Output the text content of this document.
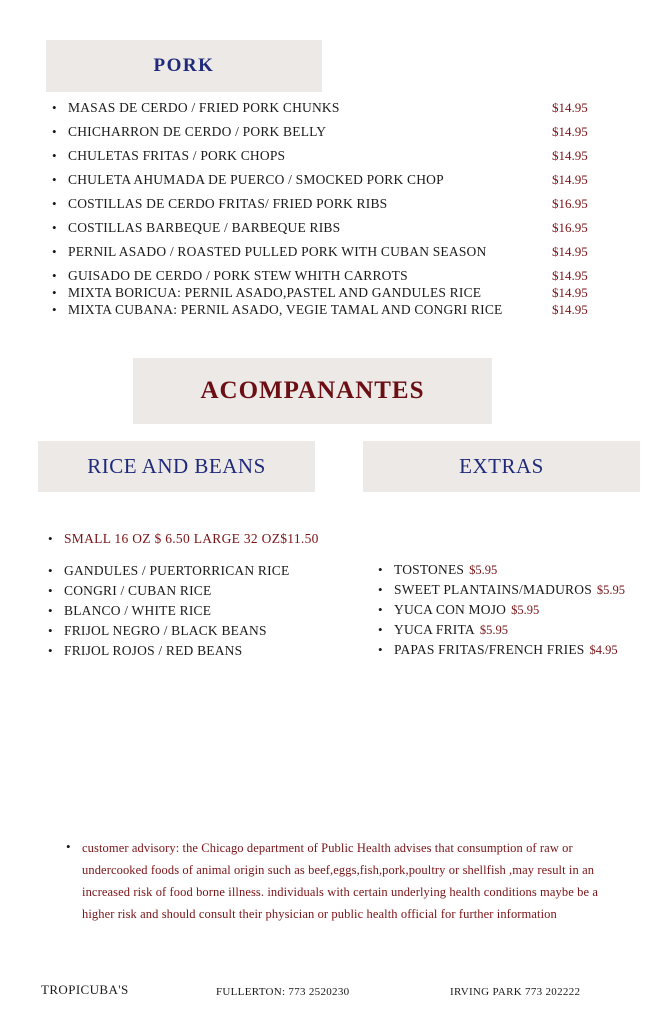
PORK
• MASAS DE CERDO / FRIED PORK CHUNKS	$14.95
• CHICHARRON DE CERDO / PORK BELLY	$14.95
• CHULETAS FRITAS / PORK CHOPS	$14.95
• CHULETA AHUMADA DE PUERCO / SMOCKED PORK CHOP	$14.95
• COSTILLAS DE CERDO FRITAS/ FRIED PORK RIBS	$16.95
• COSTILLAS BARBEQUE / BARBEQUE RIBS	$16.95
• PERNIL ASADO / ROASTED PULLED PORK WITH CUBAN SEASON	$14.95
• GUISADO DE CERDO / PORK STEW WHITH CARROTS	$14.95
• MIXTA BORICUA: PERNIL ASADO,PASTEL AND GANDULES RICE	$14.95
• MIXTA CUBANA: PERNIL ASADO, VEGIE TAMAL AND CONGRI RICE	$14.95
ACOMPANANTES
RICE AND BEANS	EXTRAS
• SMALL 16 OZ $ 6.50 LARGE 32 OZ$11.50
• GANDULES / PUERTORRICAN RICE
• CONGRI / CUBAN RICE
• BLANCO / WHITE RICE
• FRIJOL NEGRO / BLACK BEANS
• FRIJOL ROJOS / RED BEANS
• TOSTONES $5.95
• SWEET PLANTAINS/MADUROS $5.95
• YUCA CON MOJO $5.95
• YUCA FRITA $5.95
• PAPAS FRITAS/FRENCH FRIES $4.95
• customer advisory: the Chicago department of Public Health advises that consumption of raw or undercooked foods of animal origin such as beef,eggs,fish,pork,poultry or shellfish ,may result in an increased risk of food borne illness. individuals with certain underlying health conditions maybe be a higher risk and should consult their physician or public health official for further information
TROPICUBA'S	FULLERTON: 773 2520230	IRVING PARK 773 202222
